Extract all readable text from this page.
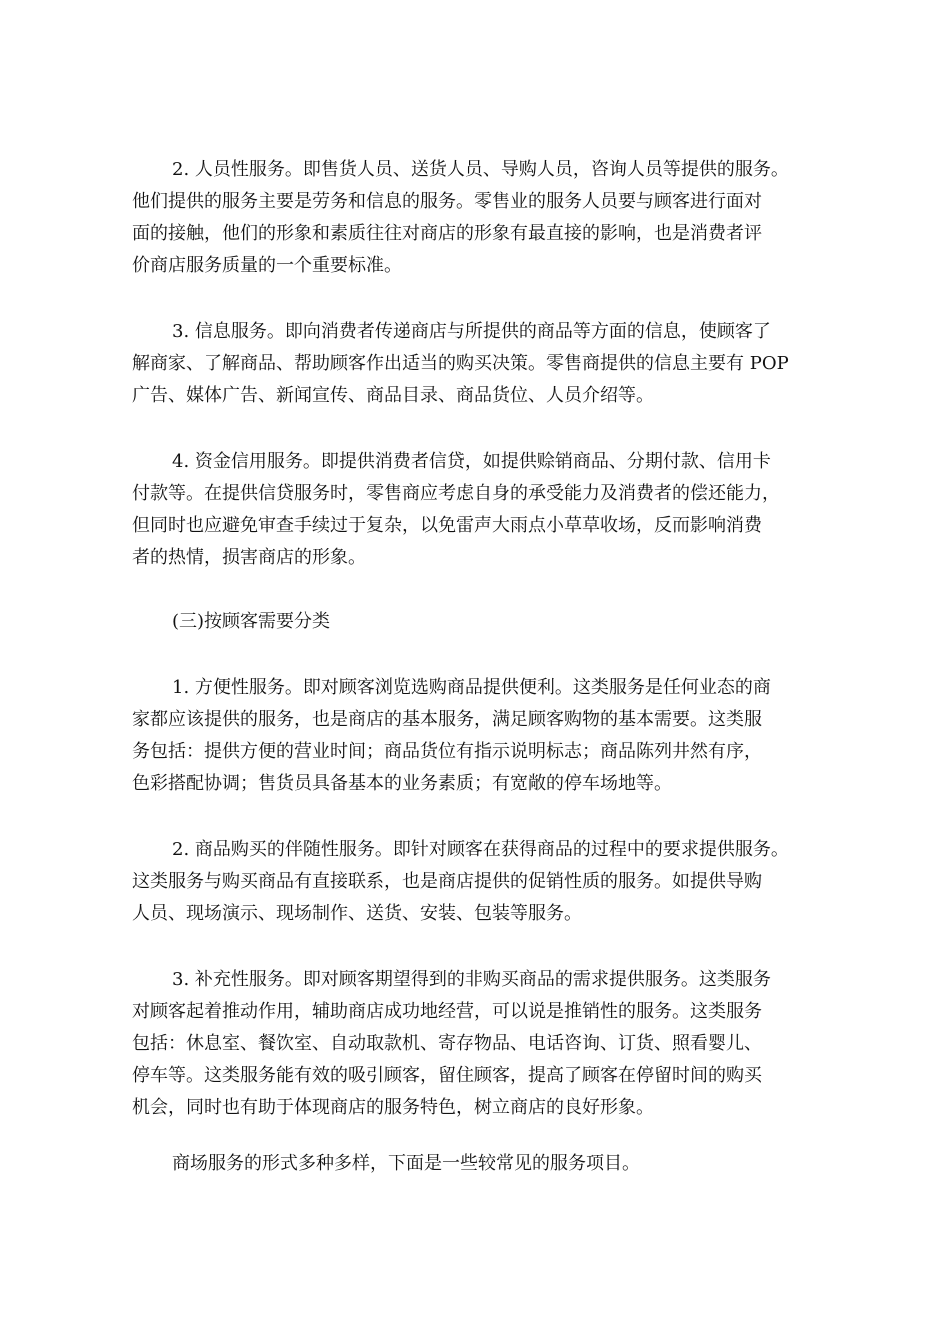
2. 人员性服务。即售货人员、送货人员、导购人员，咨询人员等提供的服务。

他们提供的服务主要是劳务和信息的服务。零售业的服务人员要与顾客进行面对

面的接触，他们的形象和素质往往对商店的形象有最直接的影响，也是消费者评

价商店服务质量的一个重要标准。

3. 信息服务。即向消费者传递商店与所提供的商品等方面的信息，使顾客了

解商家、了解商品、帮助顾客作出适当的购买决策。零售商提供的信息主要有 POP

广告、媒体广告、新闻宣传、商品目录、商品货位、人员介绍等。

4. 资金信用服务。即提供消费者信贷，如提供赊销商品、分期付款、信用卡

付款等。在提供信贷服务时，零售商应考虑自身的承受能力及消费者的偿还能力，

但同时也应避免审查手续过于复杂，以免雷声大雨点小草草收场，反而影响消费

者的热情，损害商店的形象。

(三)按顾客需要分类

1. 方便性服务。即对顾客浏览选购商品提供便利。这类服务是任何业态的商

家都应该提供的服务，也是商店的基本服务，满足顾客购物的基本需要。这类服

务包括：提供方便的营业时间；商品货位有指示说明标志；商品陈列井然有序，

色彩搭配协调；售货员具备基本的业务素质；有宽敞的停车场地等。

2. 商品购买的伴随性服务。即针对顾客在获得商品的过程中的要求提供服务。

这类服务与购买商品有直接联系，也是商店提供的促销性质的服务。如提供导购

人员、现场演示、现场制作、送货、安装、包装等服务。

3. 补充性服务。即对顾客期望得到的非购买商品的需求提供服务。这类服务

对顾客起着推动作用，辅助商店成功地经营，可以说是推销性的服务。这类服务

包括：休息室、餐饮室、自动取款机、寄存物品、电话咨询、订货、照看婴儿、

停车等。这类服务能有效的吸引顾客，留住顾客，提高了顾客在停留时间的购买

机会，同时也有助于体现商店的服务特色，树立商店的良好形象。

商场服务的形式多种多样，下面是一些较常见的服务项目。
